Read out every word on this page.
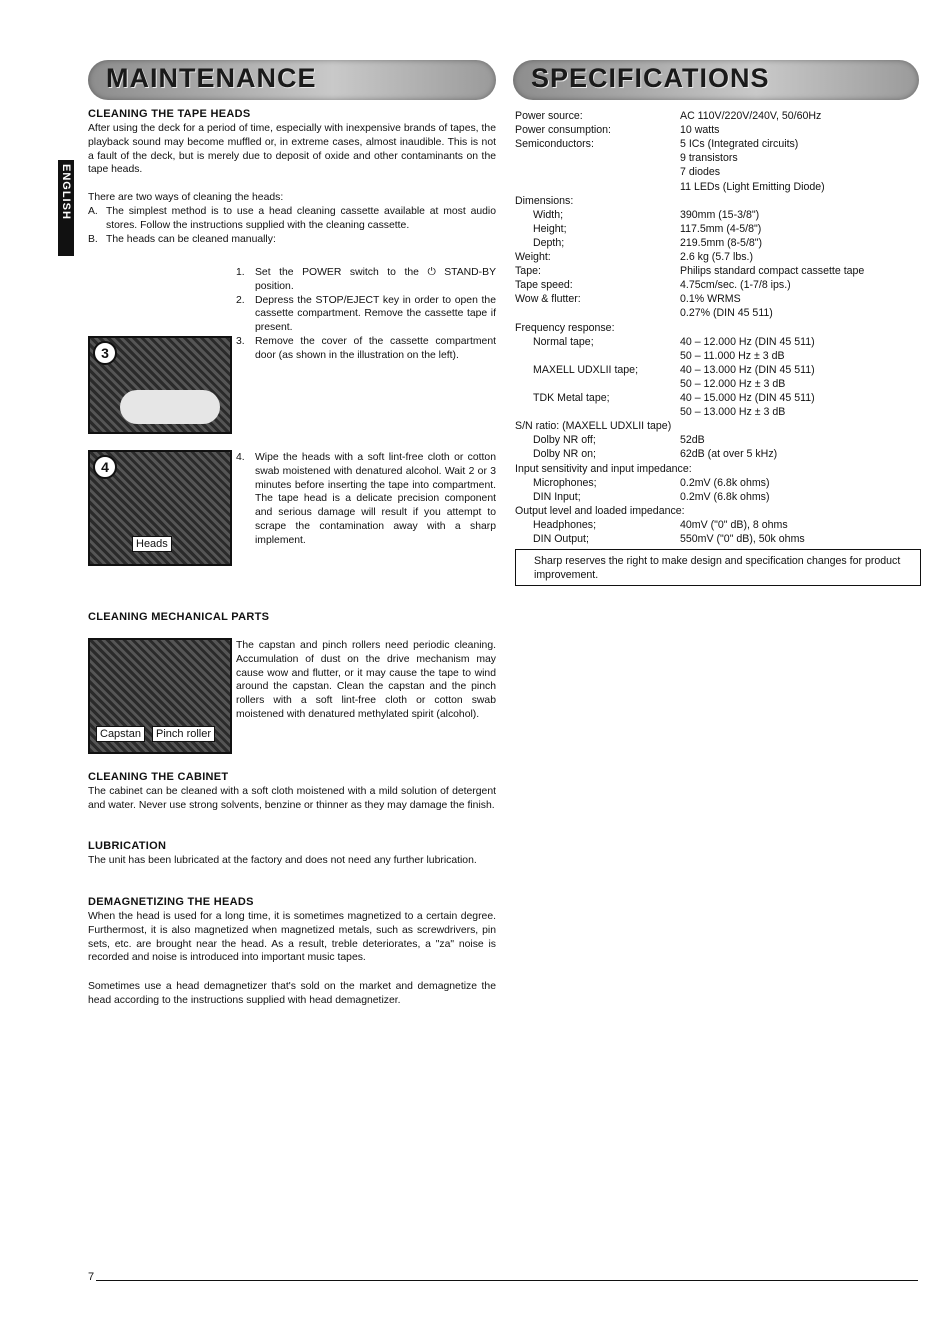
MAINTENANCE
ENGLISH
CLEANING THE TAPE HEADS
After using the deck for a period of time, especially with inexpensive brands of tapes, the playback sound may become muffled or, in extreme cases, almost inaudible. This is not a fault of the deck, but is merely due to deposit of oxide and other contaminants on the tape heads.
There are two ways of cleaning the heads:
A. The simplest method is to use a head cleaning cassette available at most audio stores. Follow the instructions supplied with the cleaning cassette.
B. The heads can be cleaned manually:
1. Set the POWER switch to the ⏻ STAND-BY position.
2. Depress the STOP/EJECT key in order to open the cassette compartment. Remove the cassette tape if present.
3. Remove the cover of the cassette compartment door (as shown in the illustration on the left).
3
4. Wipe the heads with a soft lint-free cloth or cotton swab moistened with denatured alcohol. Wait 2 or 3 minutes before inserting the tape into compartment. The tape head is a delicate precision component and serious damage will result if you attempt to scrape the contamination away with a sharp implement.
4
Heads
CLEANING MECHANICAL PARTS
Capstan	Pinch roller
The capstan and pinch rollers need periodic cleaning. Accumulation of dust on the drive mechanism may cause wow and flutter, or it may cause the tape to wind around the capstan. Clean the capstan and the pinch rollers with a soft lint-free cloth or cotton swab moistened with denatured methylated spirit (alcohol).
CLEANING THE CABINET
The cabinet can be cleaned with a soft cloth moistened with a mild solution of detergent and water. Never use strong solvents, benzine or thinner as they may damage the finish.
LUBRICATION
The unit has been lubricated at the factory and does not need any further lubrication.
DEMAGNETIZING THE HEADS
When the head is used for a long time, it is sometimes magnetized to a certain degree. Furthermost, it is also magnetized when magnetized metals, such as screwdrivers, pin sets, etc. are brought near the head. As a result, treble deteriorates, a "za" noise is recorded and noise is introduced into important music tapes.
Sometimes use a head demagnetizer that's sold on the market and demagnetize the head according to the instructions supplied with head demagnetizer.
SPECIFICATIONS
Power source:	AC 110V/220V/240V, 50/60Hz
Power consumption:	10 watts
Semiconductors:	5 ICs (Integrated circuits)
9 transistors
7 diodes
11 LEDs (Light Emitting Diode)
Dimensions:
Width;	390mm (15-3/8")
Height;	117.5mm (4-5/8")
Depth;	219.5mm (8-5/8")
Weight:	2.6 kg (5.7 lbs.)
Tape:	Philips standard compact cassette tape
Tape speed:	4.75cm/sec. (1-7/8 ips.)
Wow & flutter:	0.1% WRMS
0.27% (DIN 45 511)
Frequency response:
Normal tape;	40 – 12.000 Hz (DIN 45 511)
50 – 11.000 Hz ± 3 dB
MAXELL UDXLII tape;	40 – 13.000 Hz (DIN 45 511)
50 – 12.000 Hz ± 3 dB
TDK Metal tape;	40 – 15.000 Hz (DIN 45 511)
50 – 13.000 Hz ± 3 dB
S/N ratio: (MAXELL UDXLII tape)
Dolby NR off;	52dB
Dolby NR on;	62dB (at over 5 kHz)
Input sensitivity and input impedance:
Microphones;	0.2mV (6.8k ohms)
DIN Input;	0.2mV (6.8k ohms)
Output level and loaded impedance:
Headphones;	40mV ("0" dB), 8 ohms
DIN Output;	550mV ("0" dB), 50k ohms
Sharp reserves the right to make design and specification changes for product improvement.
7
